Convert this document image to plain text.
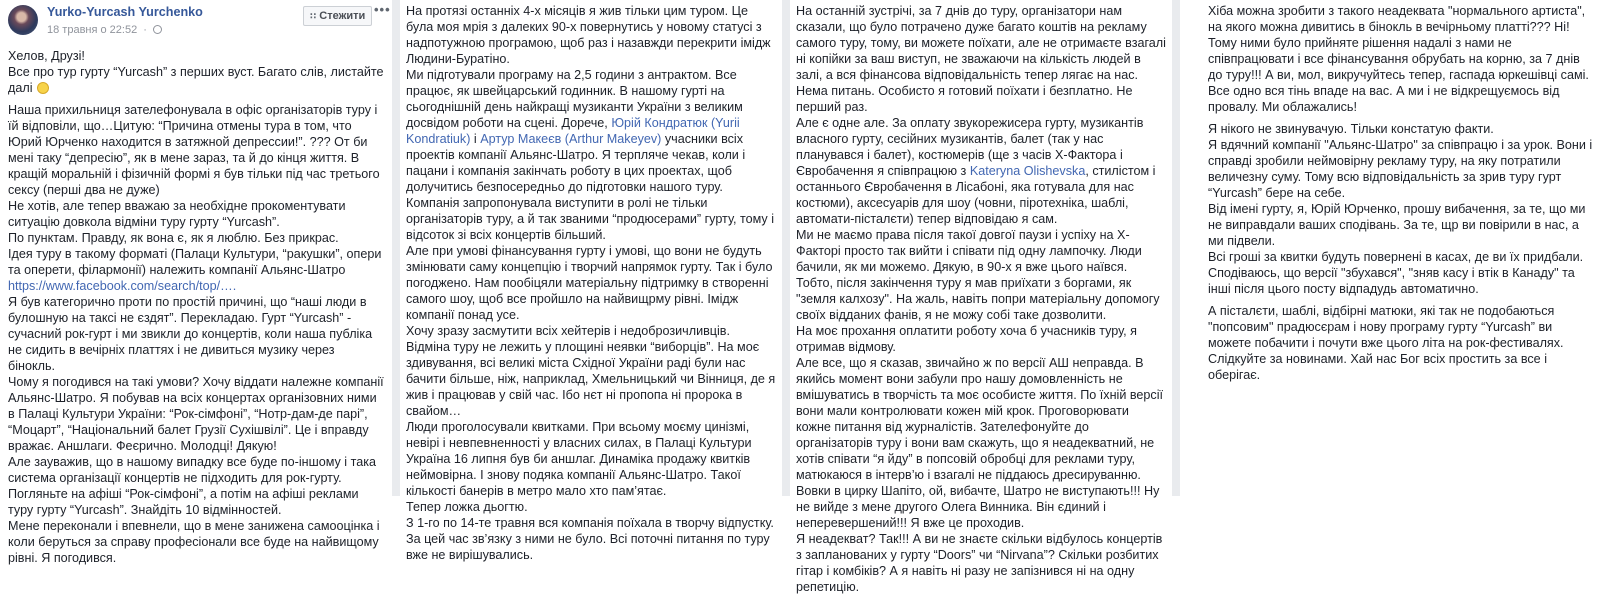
Yurko-Yurcash Yurchenko
18 травня о 22:52 ·
∷ Стежити •••

Хелов, Друзі!

Все про тур гурту “Yurcash” з перших вуст. Багато слів, листайте далі

Наша прихильниця зателефонувала в офіс організаторів туру і їй відповіли, що…Цитую: “Причина отмены тура в том, что Юрий Юрченко находится в затяжной депрессии!”. ??? От би мені таку “депресію”, як в мене зараз, та й до кінця життя. В кращій моральній і фізичній формі я був тільки під час третього сексу (перші два не дуже)

Не хотів, але тепер вважаю за необхідне прокоментувати ситуацію довкола відміни туру гурту “Yurcash”.

По пунктам. Правду, як вона є, як я люблю. Без прикрас.

Ідея туру в такому форматі (Палаци Культури, “ракушки”, опери та оперети, філармонії) належить компанії Альянс-Шатро

https://www.facebook.com/search/top/….

Я був категорично проти по простій причині, що “наші люди в булошную на таксі не єздят”. Перекладаю. Гурт “Yurcash” - сучасний рок-гурт і ми звикли до концертів, коли наша публіка не сидить в вечірніх платтях і не дивиться музику через бінокль.

Чому я погодився на такі умови? Хочу віддати належне компанії Альянс-Шатро. Я побував на всіх концертах організовних ними в Палаці Культури України: “Рок-сімфоні”, “Нотр-дам-де парі”, “Моцарт”, “Національний балет Грузії Сухішвілі”. Це і вправду вражає. Аншлаги. Феєрично. Молодці! Дякую!

Але зауважив, що в нашому випадку все буде по-іншому і така система організації концертів не підходить для рок-гурту. Погляньте на афіші “Рок-сімфоні”, а потім на афіші реклами туру гурту “Yurcash”. Знайдіть 10 відмінностей.

Мене переконали і впевнели, що в мене занижена самооцінка і коли беруться за справу професіонали все буде на найвищому рівні. Я погодився.

На протязі останніх 4-х місяців я жив тільки цим туром. Це була моя мрія з далеких 90-х повернутись у новому статусі з надпотужною програмою, щоб раз і назавжди перекрити імідж Людини-Буратіно.

Ми підготували програму на 2,5 години з антрактом. Все працює, як швейцарський годинник. В нашому гурті на сьогоднішній день найкращі музиканти України з великим досвідом роботи на сцені. Дорече, Юрій Кондратюк (Yurii Kondratiuk) і Артур Макеєв (Arthur Makeyev) учасники всіх проектів компанії Альянс-Шатро. Я терпляче чекав, коли і пацани і компанія закінчать роботу в цих проектах, щоб долучитись безпосередньо до підготовки нашого туру.

Компанія запропонувала виступити в ролі не тільки організаторів туру, а й так званими “продюсерами” гурту, тому і відсоток зі всіх концертів більший.

Але при умові фінансування гурту і умові, що вони не будуть змінювати саму концепцію і творчий напрямок гурту. Так і було погоджено. Нам пообіцяли матеріальну підтримку в створенні самого шоу, щоб все пройшло на найвищрму рівні. Імідж компанії понад усе.

Хочу зразу засмутити всіх хейтерів і недоброзичливців. Відміна туру не лежить у площині неявки “виборців”. На моє здивування, всі великі міста Східної України раді були нас бачити більше, ніж, наприклад, Хмельницький чи Вінниця, де я жив і працював у свій час. Ібо нєт ні пропопа ні пророка в свайом…

Люди проголосували квитками. При всьому моєму цинізмі, невірі і невпевненності у власних силах, в Палаці Культури Україна 16 липня був би аншлаг. Динаміка продажу квитків неймовірна. І знову подяка компанії Альянс-Шатро. Такої кількості банерів в метро мало хто пам’ятає.

Тепер ложка дьогтю.

З 1-го по 14-те травня вся компанія поїхала в творчу відпустку. За цей час зв’язку з ними не було. Всі поточні питання по туру вже не вирішувались.

На останній зустрічі, за 7 днів до туру, організатори нам сказали, що було потрачено дуже багато коштів на рекламу самого туру, тому, ви можете поїхати, але не отримаєте взагалі ні копійки за ваш виступ, не зважаючи на кількість людей в залі, а вся фінансова відповідальність тепер лягає на нас.

Нема питань. Особисто я готовий поїхати і безплатно. Не перший раз.

Але є одне але. За оплату звукорежисера гурту, музикантів власного гурту, сесійних музикантів, балет (так у нас планувався і балет), костюмерів (ще з часів Х-Фактора і Євробачення я співпрацюю з Kateryna Olishevska, стилістом і останнього Євробачення в Лісабоні, яка готувала для нас костюми), аксесуарів для шоу (човни, піротехніка, шаблі, автомати-пісталєти) тепер відповідаю я сам.

Ми не маємо права після такої довгої паузи і успіху на Х-Факторі просто так вийти і співати під одну лампочку. Люди бачили, як ми можемо. Дякую, в 90-х я вже цього наївся.

Тобто, після закінчення туру я мав приїхати з боргами, як "земля калхозу". На жаль, навіть попри матеріальну допомогу своїх відданих фанів, я не можу собі таке дозволити.

На моє прохання оплатити роботу хоча б учасників туру, я отримав відмову.

Але все, що я сказав, звичайно ж по версії АШ неправда. В якийсь момент вони забули про нашу домовленність не вмішуватись в творчість та моє особисте життя. По їхній версії вони мали контролювати кожен мій крок. Проговорювати кожне питання від журналістів. Зателефонуйте до організаторів туру і вони вам скажуть, що я неадекватний, не хотів співати “я йду” в попсовій обробці для реклами туру, матюкаюся в інтерв’ю і взагалі не піддаюсь дресируванню. Вовки в цирку Шапіто, ой, вибачте, Шатро не виступають!!! Ну не вийде з мене другого Олега Винника. Він єдиний і неперевершений!!! Я вже це проходив.

Я неадекват? Так!!! А ви не знаєте скільки відбулось концертів з запланованих у гурту “Doors” чи “Nirvana”? Скільки розбитих гітар і комбіків? А я навіть ні разу не запізнився ні на одну репетицію.

Хіба можна зробити з такого неадеквата "нормального артиста", на якого можна дивитись в бінокль в вечірньому платті??? Ні!

Тому ними було прийняте рішення надалі з нами не співпрацювати і все фінансування обрубать на корню, за 7 днів до туру!!! А ви, мол, викручуйтесь тепер, гаспада юркешівці самі. Все одно вся тінь впаде на вас. А ми і не відкрещуємось від провалу. Ми облажались!

Я нікого не звинувачую. Тільки констатую факти.

Я вдячний компанії "Альянс-Шатро" за співпрацю і за урок. Вони і справді зробили неймовірну рекламу туру, на яку потратили величезну суму. Тому всю відповідальність за зрив туру гурт “Yurcash” бере на себе.

Від імені гурту, я, Юрій Юрченко, прошу вибачення, за те, що ми не виправдали ваших сподівань. За те, щр ви повірили в нас, а ми підвели.

Всі гроші за квитки будуть повернені в касах, де ви їх придбали. Сподіваюсь, що версії "збухався", "зняв касу і втік в Канаду" та інші після цього посту відпадудь автоматично.

А пісталєти, шаблі, відбірні матюки, які так не подобаються "попсовим" прадюсєрам і нову програму гурту “Yurcash” ви можете побачити і почути вже цього літа на рок-фестивалях. Слідкуйте за новинами. Хай нас Бог всіх простить за все і оберігає.
